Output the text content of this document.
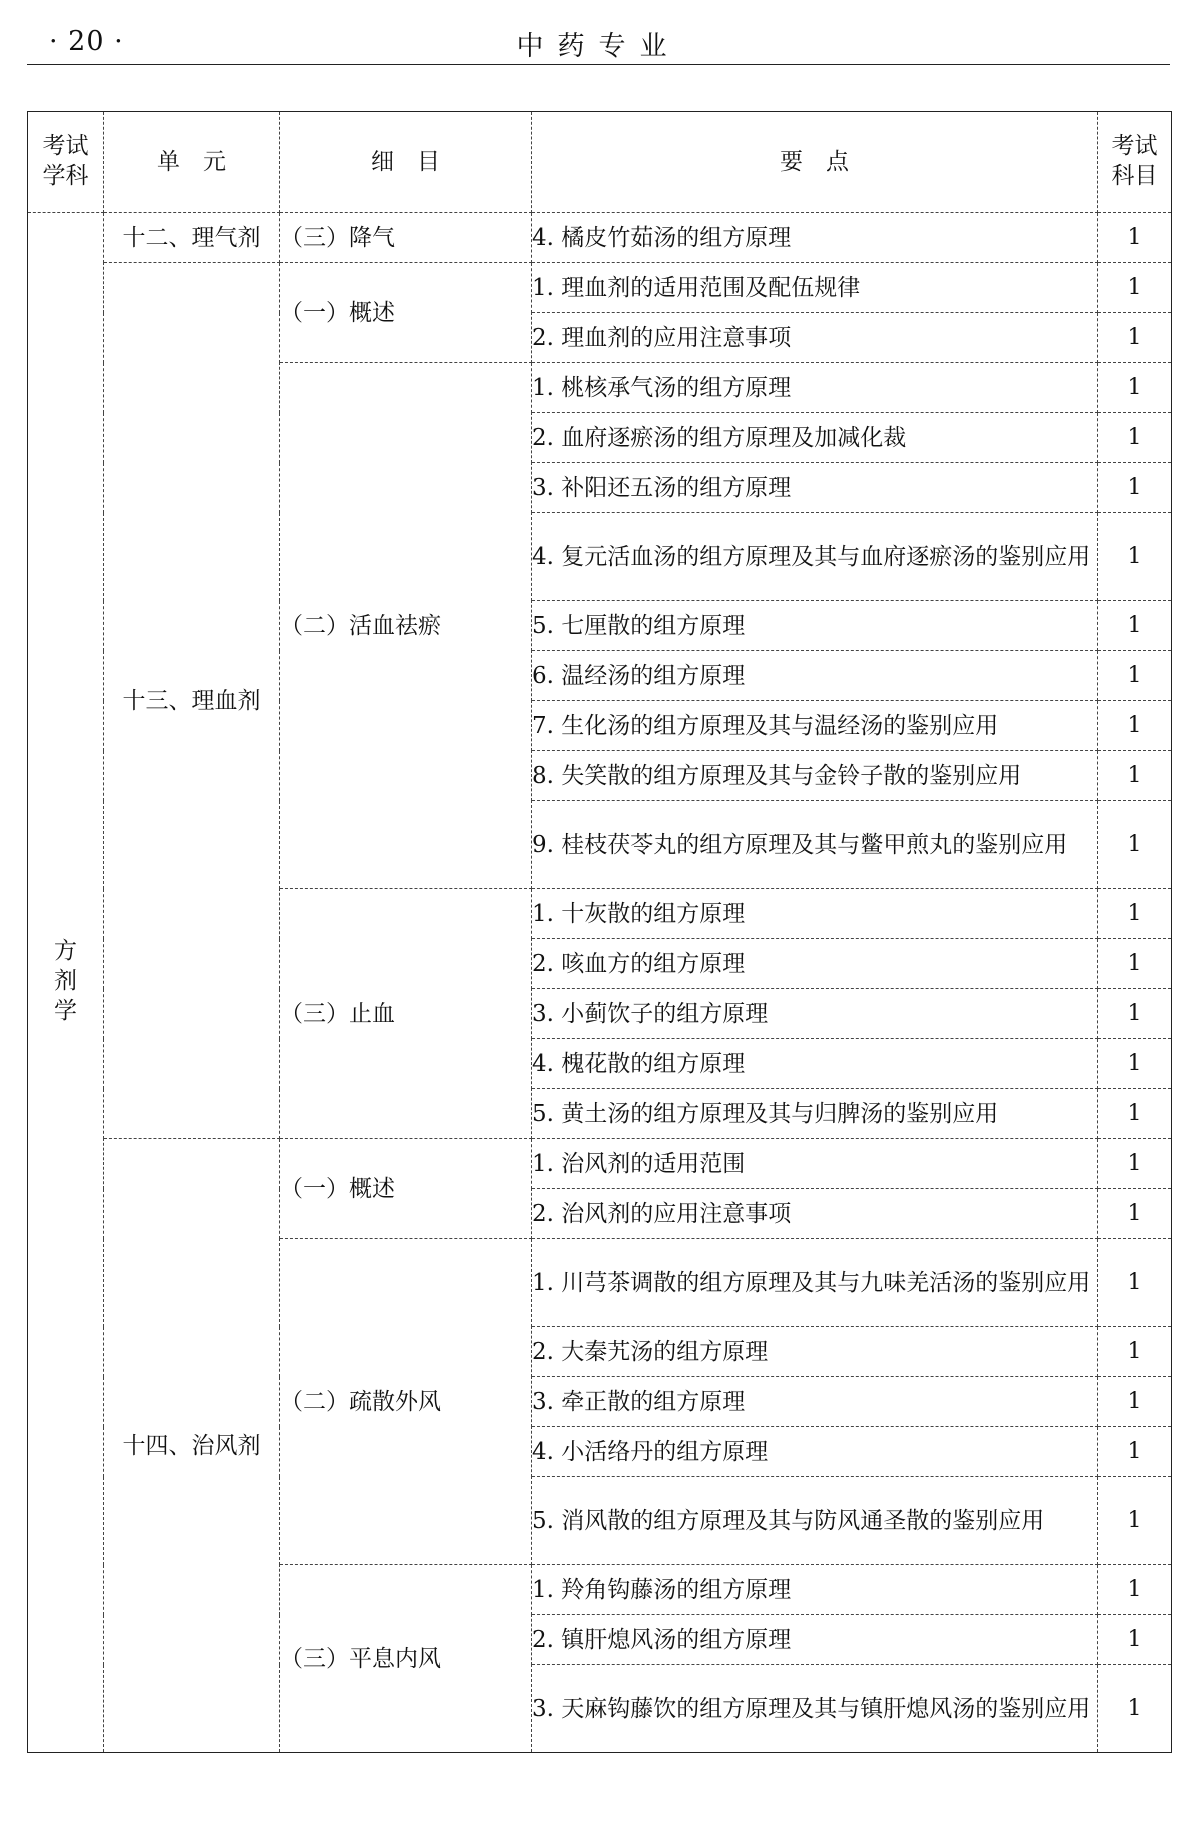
· 20 ·	中药专业
考试学科	单　元	细　目	要　点	考试科目
方剂学	十二、理气剂	（三）降气	4. 橘皮竹茹汤的组方原理	1
	十三、理血剂	（一）概述	1. 理血剂的适用范围及配伍规律	1
			2. 理血剂的应用注意事项	1
		（二）活血祛瘀	1. 桃核承气汤的组方原理	1
			2. 血府逐瘀汤的组方原理及加减化裁	1
			3. 补阳还五汤的组方原理	1
			4. 复元活血汤的组方原理及其与血府逐瘀汤的鉴别应用	1
			5. 七厘散的组方原理	1
			6. 温经汤的组方原理	1
			7. 生化汤的组方原理及其与温经汤的鉴别应用	1
			8. 失笑散的组方原理及其与金铃子散的鉴别应用	1
			9. 桂枝茯苓丸的组方原理及其与鳖甲煎丸的鉴别应用	1
		（三）止血	1. 十灰散的组方原理	1
			2. 咳血方的组方原理	1
			3. 小蓟饮子的组方原理	1
			4. 槐花散的组方原理	1
			5. 黄土汤的组方原理及其与归脾汤的鉴别应用	1
	十四、治风剂	（一）概述	1. 治风剂的适用范围	1
			2. 治风剂的应用注意事项	1
		（二）疏散外风	1. 川芎茶调散的组方原理及其与九味羌活汤的鉴别应用	1
			2. 大秦艽汤的组方原理	1
			3. 牵正散的组方原理	1
			4. 小活络丹的组方原理	1
			5. 消风散的组方原理及其与防风通圣散的鉴别应用	1
		（三）平息内风	1. 羚角钩藤汤的组方原理	1
			2. 镇肝熄风汤的组方原理	1
			3. 天麻钩藤饮的组方原理及其与镇肝熄风汤的鉴别应用	1
